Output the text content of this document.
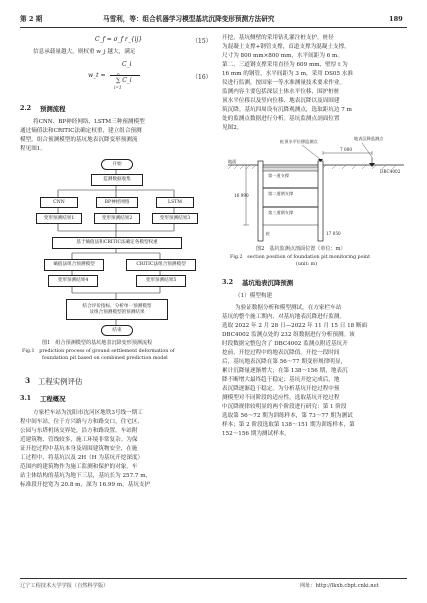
第 2 期	马雪利，等：组合机器学习模型基坑沉降变形预测方法研究	189
C_f = σ_f r_{ij}	（15）
信息承载量越大，则权重 w_j 越大，满足
w_t =
C_i
∑ C_i
n
i=1
（16）
2.2 预测流程
将CNN、BP神经网络、LSTM三种预测模型
通过熵值法和CRITIC法确定权重，建立组合预测
模型。组合预测模型的基坑地表沉降变形预测流
程见图1。
开始
监测数据收集
CNN	BP神经网络	LSTM
变形预测结果1	变形预测结果2	变形预测结果3
基于熵值法和CRITIC法确定各模型权重
熵值法组合预测模型	CRITIC法组合预测模型
变形预测结果4	变形预测结果5
结合评价指标，分析单一预测模型
及组合预测模型的预测结果
结束
图1　组合预测模型的基坑地表沉降变形预测流程
Fig.1　prediction process of ground settlement deformation of
foundation pit based on combined prediction model
3 工程实例评估
3.1 工程概况
方家栏车站为沈阳市沈河区地铁3号线一期工
程中间车站，位于方兴路与方和路交口，住宅区、
公园与东塔机场交界处，沿方和路设置，车站附
近建筑物、管线较多，施工环境非常复杂。为保
证开挖过程中基坑本身及周围建筑物安全，在施
工过程中，将基坑以及 2H（H 为基坑开挖深度）
范围内的建筑物作为施工监测和保护的对象。车
站主体结构的基坑为地下三层，基坑长为 257.7 m，
标准段开挖宽为 20.8 m，深为 16.99 m。基坑支护
开挖，基坑侧壁的采用钻孔灌注桩支护，桩径
为混凝土支撑+钢管支撑，首道支撑为混凝土支撑，
尺寸为 800 mm×800 mm，水平间距为 6 m。
第二、三道钢支撑采用直径为 609 mm、壁厚 t 为
16 mm 的钢管，水平间距为 3 m，采用 DS05 水准
仪进行监测，按国家一等水准测量技术要求作业。
监测内容主要包括深层土体水平位移、围护桩桩
顶水平位移以及竖向位移、地表沉降以及周围建
筑沉降。基坑四周设有沉降观测点，选取距坑边 7 m
处的监测点数据进行分析。基坑监测点剖面位置
见图2。
地面
桩顶水平位移监测点
地表沉降监测点
DBC4002
第一道支撑
第二道钢支撑
第三道钢支撑
桩
16 990
7 000
17 050
图2　基坑监测点剖面位置（单位：m）
Fig.2　section position of foundation pit monitoring point
(unit: m)
3.2 基坑地表沉降预测
（1）模型构建
为验证数据分析和模型测试，在方家栏车站
基坑的整个施工期内，对基坑地表沉降进行监测。
选取 2022 年 2 月 28 日—2022 年 11 月 15 日 18 断面
DBC4002 监测点处的 232 组数据进行分析预测。该
时段数据完整包含了 DBC4002 监测点附近基坑开
挖前、开挖过程中的地表沉降值。开挖一段时间
后，基坑地表沉降在第 56～77 期变形规律明显，
累计沉降量逐渐增大；在第 138～156 期，地表沉
降不断增大最终趋于稳定；基坑开挖完成后，地
表沉降逐渐趋于稳定。为分析基坑开挖过程中预
测模型对不同阶段的适应性，选取基坑开挖过程
中沉降规律较明显的两个阶段进行研究：第 1 阶段
选取第 56～72 期为训练样本，第 73～77 期为测试
样本；第 2 阶段选取第 138～151 期为训练样本，第
152～156 期为测试样本。
辽宁工程技术大学学报（自然科学版）	网址：http://lkxb.cbpt.cnki.net
